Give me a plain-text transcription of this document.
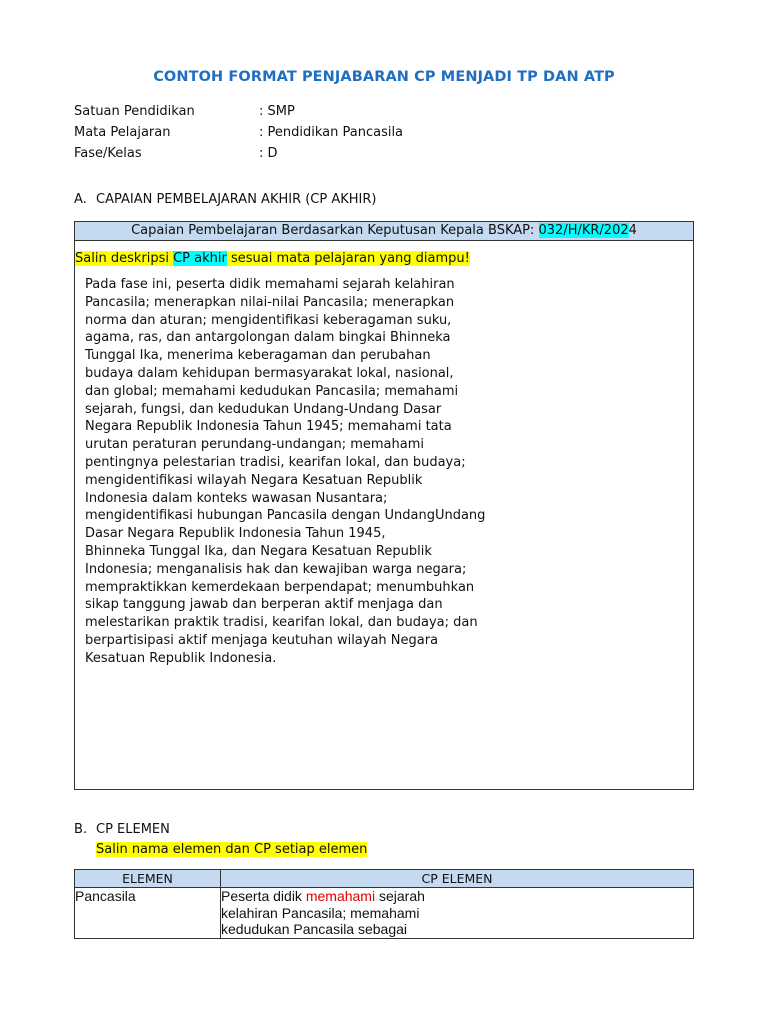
CONTOH FORMAT PENJABARAN CP MENJADI TP DAN ATP
Satuan Pendidikan	: SMP
Mata Pelajaran	: Pendidikan Pancasila
Fase/Kelas	: D
A. CAPAIAN PEMBELAJARAN AKHIR (CP AKHIR)
Capaian Pembelajaran Berdasarkan Keputusan Kepala BSKAP: 032/H/KR/2024
Salin deskripsi CP akhir sesuai mata pelajaran yang diampu!
Pada fase ini, peserta didik memahami sejarah kelahiran
Pancasila; menerapkan nilai-nilai Pancasila; menerapkan
norma dan aturan; mengidentifikasi keberagaman suku,
agama, ras, dan antargolongan dalam bingkai Bhinneka
Tunggal Ika, menerima keberagaman dan perubahan
budaya dalam kehidupan bermasyarakat lokal, nasional,
dan global; memahami kedudukan Pancasila; memahami
sejarah, fungsi, dan kedudukan Undang-Undang Dasar
Negara Republik Indonesia Tahun 1945; memahami tata
urutan peraturan perundang-undangan; memahami
pentingnya pelestarian tradisi, kearifan lokal, dan budaya;
mengidentifikasi wilayah Negara Kesatuan Republik
Indonesia dalam konteks wawasan Nusantara;
mengidentifikasi hubungan Pancasila dengan UndangUndang
Dasar Negara Republik Indonesia Tahun 1945,
Bhinneka Tunggal Ika, dan Negara Kesatuan Republik
Indonesia; menganalisis hak dan kewajiban warga negara;
mempraktikkan kemerdekaan berpendapat; menumbuhkan
sikap tanggung jawab dan berperan aktif menjaga dan
melestarikan praktik tradisi, kearifan lokal, dan budaya; dan
berpartisipasi aktif menjaga keutuhan wilayah Negara
Kesatuan Republik Indonesia.
B. CP ELEMEN
Salin nama elemen dan CP setiap elemen
ELEMEN	CP ELEMEN
Pancasila	Peserta didik memahami sejarah
kelahiran Pancasila; memahami
kedudukan Pancasila sebagai
